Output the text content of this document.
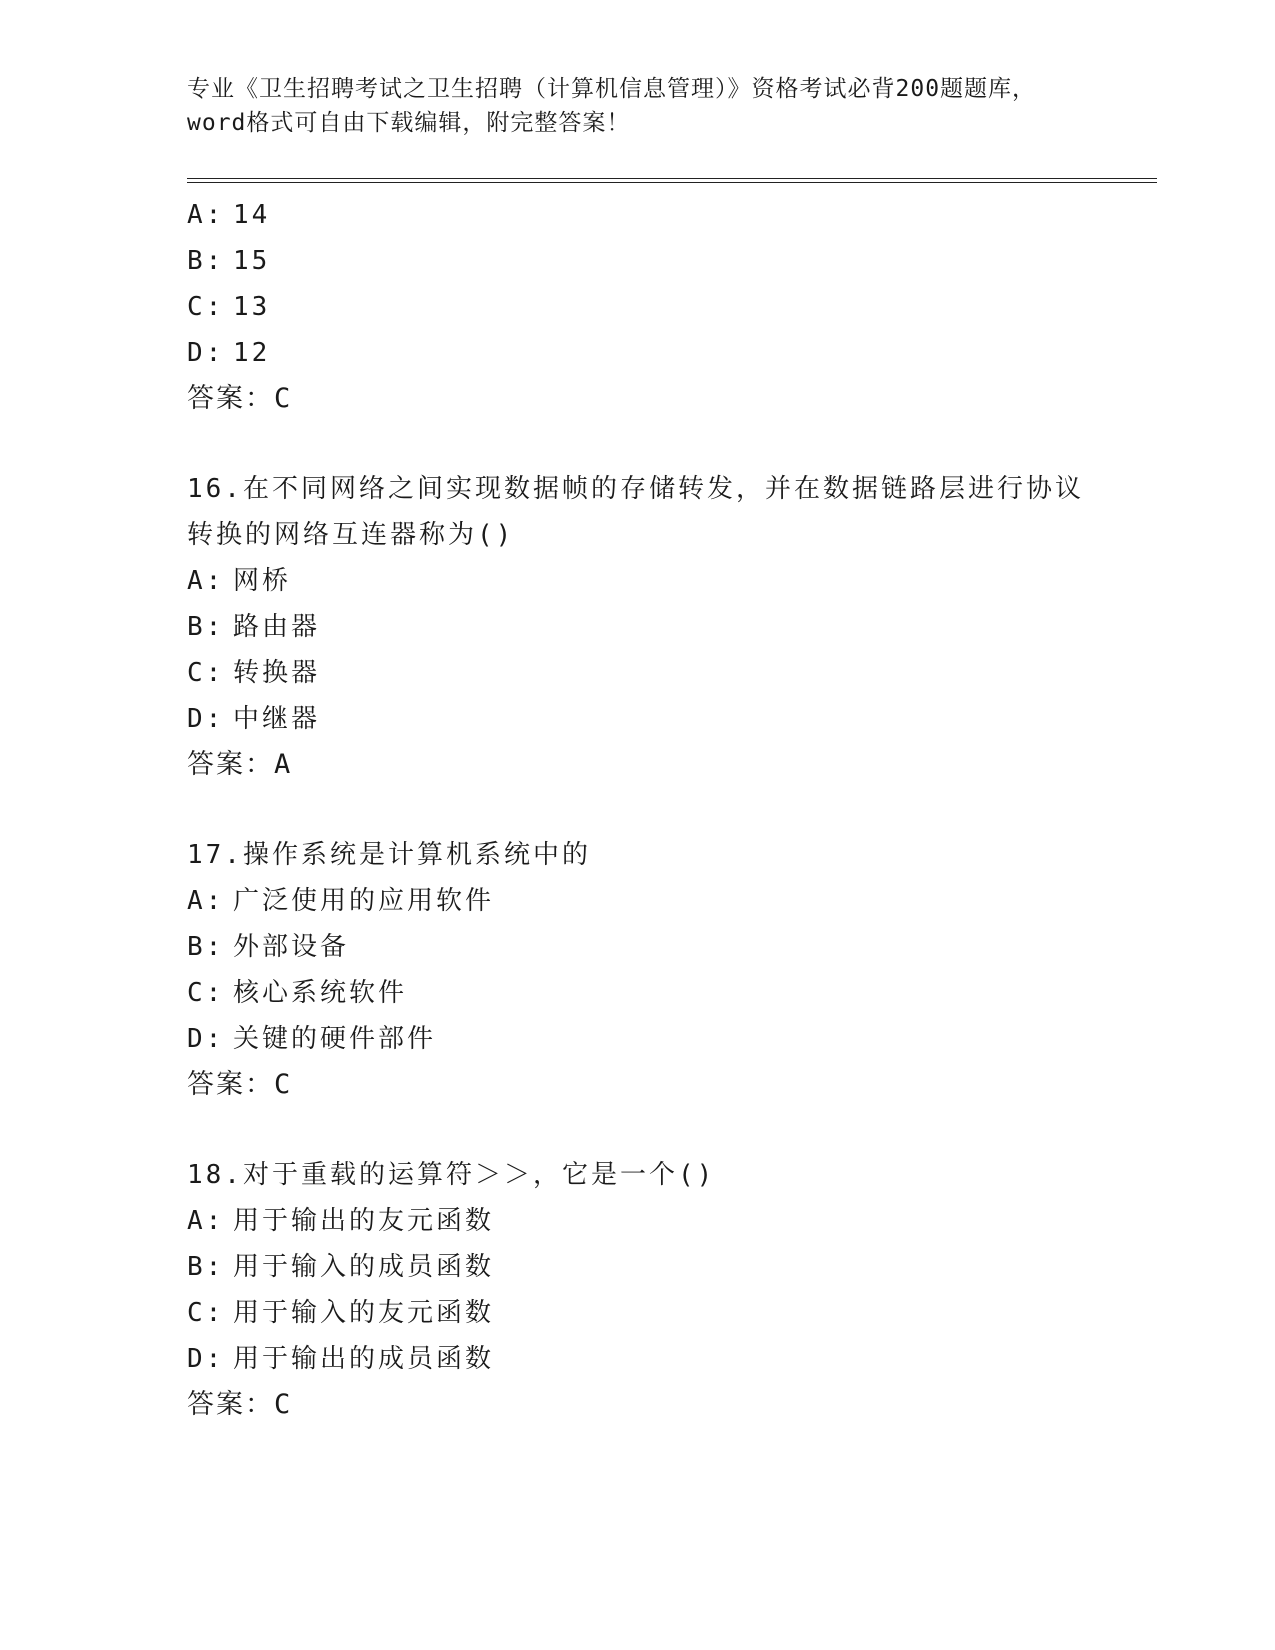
专业《卫生招聘考试之卫生招聘（计算机信息管理）》资格考试必背200题题库，
word格式可自由下载编辑，附完整答案！
A: 14
B: 15
C: 13
D: 12
答案：C
16.在不同网络之间实现数据帧的存储转发，并在数据链路层进行协议
转换的网络互连器称为()
A: 网桥
B: 路由器
C: 转换器
D: 中继器
答案：A
17.操作系统是计算机系统中的
A: 广泛使用的应用软件
B: 外部设备
C: 核心系统软件
D: 关键的硬件部件
答案：C
18.对于重载的运算符＞＞，它是一个()
A: 用于输出的友元函数
B: 用于输入的成员函数
C: 用于输入的友元函数
D: 用于输出的成员函数
答案：C
